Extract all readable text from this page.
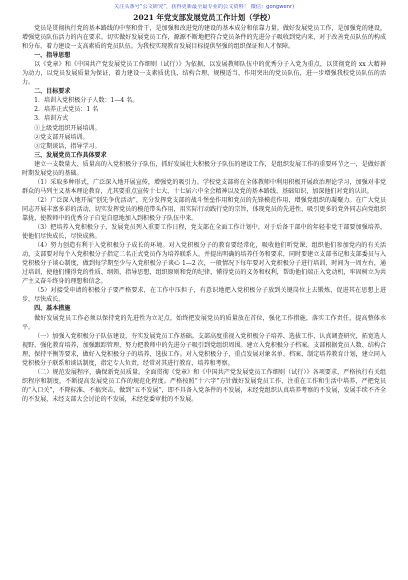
关注头条号“公文研究”，获得更新最全最专业的公文资料！ 微信：gongwenr)
2021 年党支部发展党员工作计划（学校）
党员是贯彻执行党的基本路线的中坚和骨干，是加强和改进党的建设的基本成分和依靠力量。做好发展党员工作，是加强党的建设，增强党员队伍活力的内在要求。切实做好发展党员工作，源源不断地把符合党员条件的先进分子吸收到党内来，对于改善党员队伍的构成和分布，着力建设一支高素质的党员队伍。为我校实现教育发展目标提供坚强的组织保证和人才保障。
一、指导思想
以《党章》和《中国共产党发展党员工作细则（试行）》为依据，以发展教师队伍中的优秀分子入党为重点，以贯彻党的 xx 大精神为动力，以党员发展质量为保证，着力建设一支素质优良、结构合理、规模适当、作用突出的党员队伍，进一步增强我校党员队伍的活力。
二、目标要求
1．培训入党积极分子人数：1—4 名。
2．培养正式党员：1 名
3．培训方式
①上级党组织开展培训。
②党支部开展培训。
③定期谈话，指导学习。
三、发展党员工作具体要求
建立一支数量大、质量高的入党积极分子队伍，抓好发展壮大积极分子队伍的建设工作，是组织发展工作的重要环节之一，是做好新时期发展党员的基础。
（1）采取多种形式，广泛深入地开展宣传，增强党的吸引力。学校党支部将在全体教师中利用积极开展政治理论学习，加强对非党群众的马列主义基本理论教育，尤其要重点宣传十七大、十七届六中全会精神以及党的基本路线、基础知识，加深他们对党的认识。
（2）广泛深入地开展“创先争优活动”，充分发挥党支部的战斗堡垒作用和党员的先锋模范作用，增强党组织的凝聚力。在广大党员同志开展丰富多彩的活动，切实发挥党员的模范带头作用，用实际行动践行党的宗旨，体现党员的先进性，吸引更多的党外同志向党组织靠拢，使教师中的优秀分子自觉自愿地加入到积极分子队伍中来。
（3）把培养入党积极分子，发展党员列入重要工作日程，党支部在全面工作计划中，对于后备干部中的年轻非党干部要加强培养，使他们尽快成长，尽快成熟。
（4）努力创造有利于入党积极分子成长的环境。对入党积极分子的教育要经常化，吸收他们听党课、组织他们参加党内的有关活动，支部要对每个入党积极分子指定二名正式党员作为培养联系人，并提出明确的培养任务和要求，同时要建立支部书记和支部委员与入党积极分子谈心制度，做到每学期至少与入党积极分子谈心 1—2 次，一般情况下每年要对入党积极分子进行培训，时间为一周左右，通过培训，使他们懂得党的性质、纲领、指导思想、组织原则和党的纪律，懂得党员的义务和权利，帮助他们端正入党动机，牢固树立为共产主义奋斗终身的理想和信念。
（5）对接受申请的积极分子要严格要求，在工作中压担子，有意识地把入党积极分子放到关键岗位上去锻炼，促进其在思想上进步，尽快成长。
四、基本措施
做好发展党员工作必须以保持党的先进性为立足点，始终把发展党员的质量放在首位，强化工作措施，落实工作责任，提高整体水平。
（一）加强入党积极分子队伍建设，夯实发展党员工作基础。支部高度重视入党积极分子培养、选拔工作，认真调查研究，拓宽选人视野，强化教育培养，加强跟踪管理，努力把教师中的先进分子吸引到党组织周围。建立入党积极分子档案。支部根据党员人数、结构合理、保持平衡等要求，做好入党积极分子的培养、选拔工作。对入党积极分子，重点发展对象名单、档案、制定培养教育计划，建立同入党积极分子联系和谈话制度，指定专人负责，经常对其进行教育、培养和考察。
（二）规范发展程序，确保新党员质量。全面贯彻《党章》和《中国共产党发展党员工作细则（试行）》各项要求，严格执行有关组织程序和制度，不断提高发展党员工作的规范化程度。严格按照“十六字”方针做好发展党员工作，注重在工作和生活中培养，严把党员的“入口关”，不降标准、不搞突击，做到“五不发展”，即不具备入党条件的不发展，未经党组织认真培养考察的不发展，发展手续不齐全的不发展，未经支部大会讨论的不发展，未经党委审批的不发展。
